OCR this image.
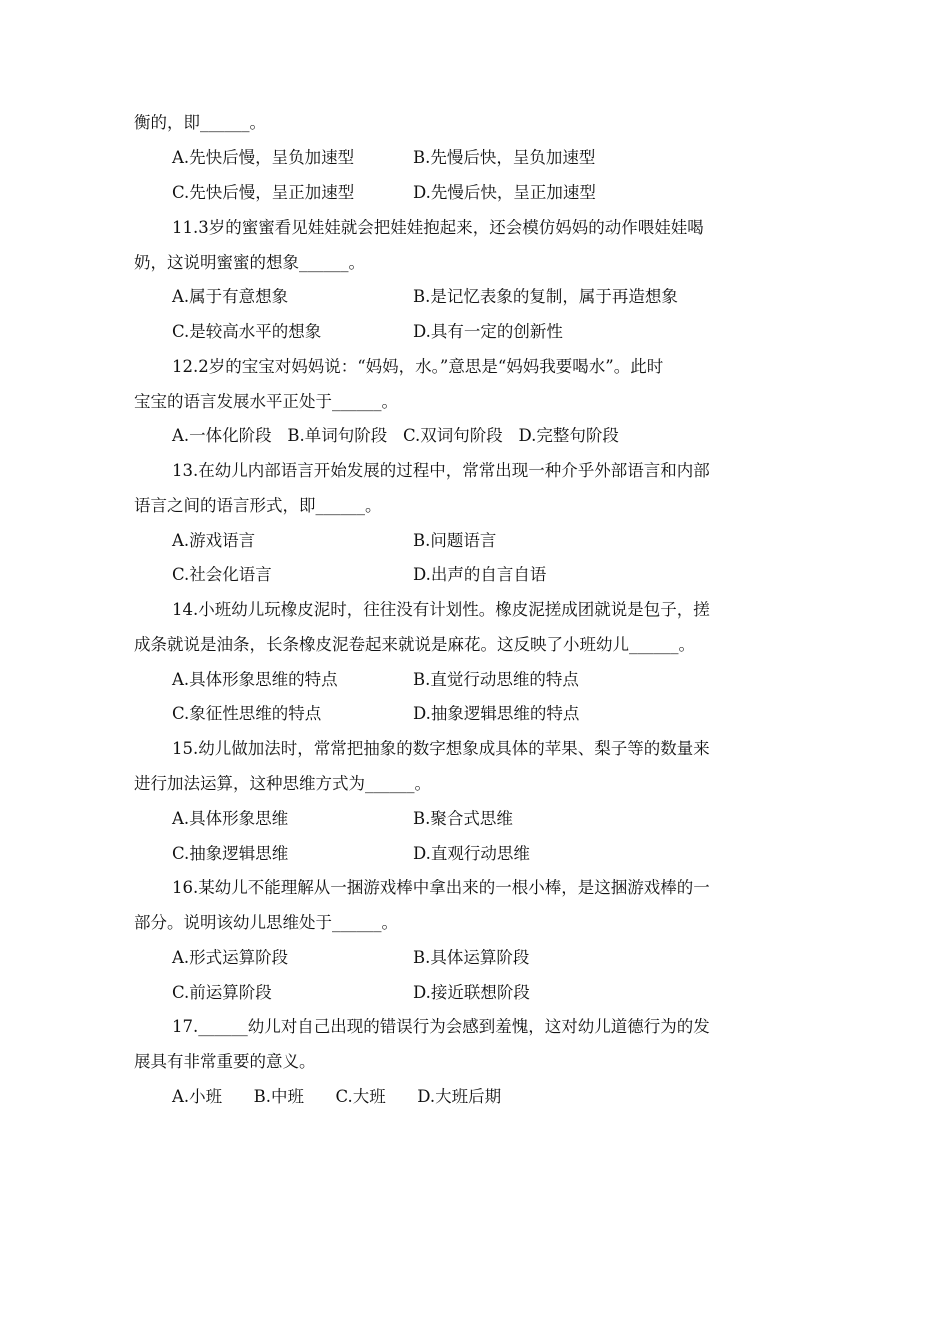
衡的，即______。
A.先快后慢，呈负加速型	B.先慢后快，呈负加速型
C.先快后慢，呈正加速型	D.先慢后快，呈正加速型
11.3岁的蜜蜜看见娃娃就会把娃娃抱起来，还会模仿妈妈的动作喂娃娃喝
奶，这说明蜜蜜的想象______。
A.属于有意想象	B.是记忆表象的复制，属于再造想象
C.是较高水平的想象	D.具有一定的创新性
12.2岁的宝宝对妈妈说：“妈妈，水。”意思是“妈妈我要喝水”。此时
宝宝的语言发展水平正处于______。
A.一体化阶段   B.单词句阶段   C.双词句阶段   D.完整句阶段
13.在幼儿内部语言开始发展的过程中，常常出现一种介乎外部语言和内部
语言之间的语言形式，即______。
A.游戏语言	B.问题语言
C.社会化语言	D.出声的自言自语
14.小班幼儿玩橡皮泥时，往往没有计划性。橡皮泥搓成团就说是包子，搓
成条就说是油条，长条橡皮泥卷起来就说是麻花。这反映了小班幼儿______。
A.具体形象思维的特点	B.直觉行动思维的特点
C.象征性思维的特点	D.抽象逻辑思维的特点
15.幼儿做加法时，常常把抽象的数字想象成具体的苹果、梨子等的数量来
进行加法运算，这种思维方式为______。
A.具体形象思维	B.聚合式思维
C.抽象逻辑思维	D.直观行动思维
16.某幼儿不能理解从一捆游戏棒中拿出来的一根小棒，是这捆游戏棒的一
部分。说明该幼儿思维处于______。
A.形式运算阶段	B.具体运算阶段
C.前运算阶段	D.接近联想阶段
17.______幼儿对自己出现的错误行为会感到羞愧，这对幼儿道德行为的发
展具有非常重要的意义。
A.小班      B.中班      C.大班      D.大班后期
